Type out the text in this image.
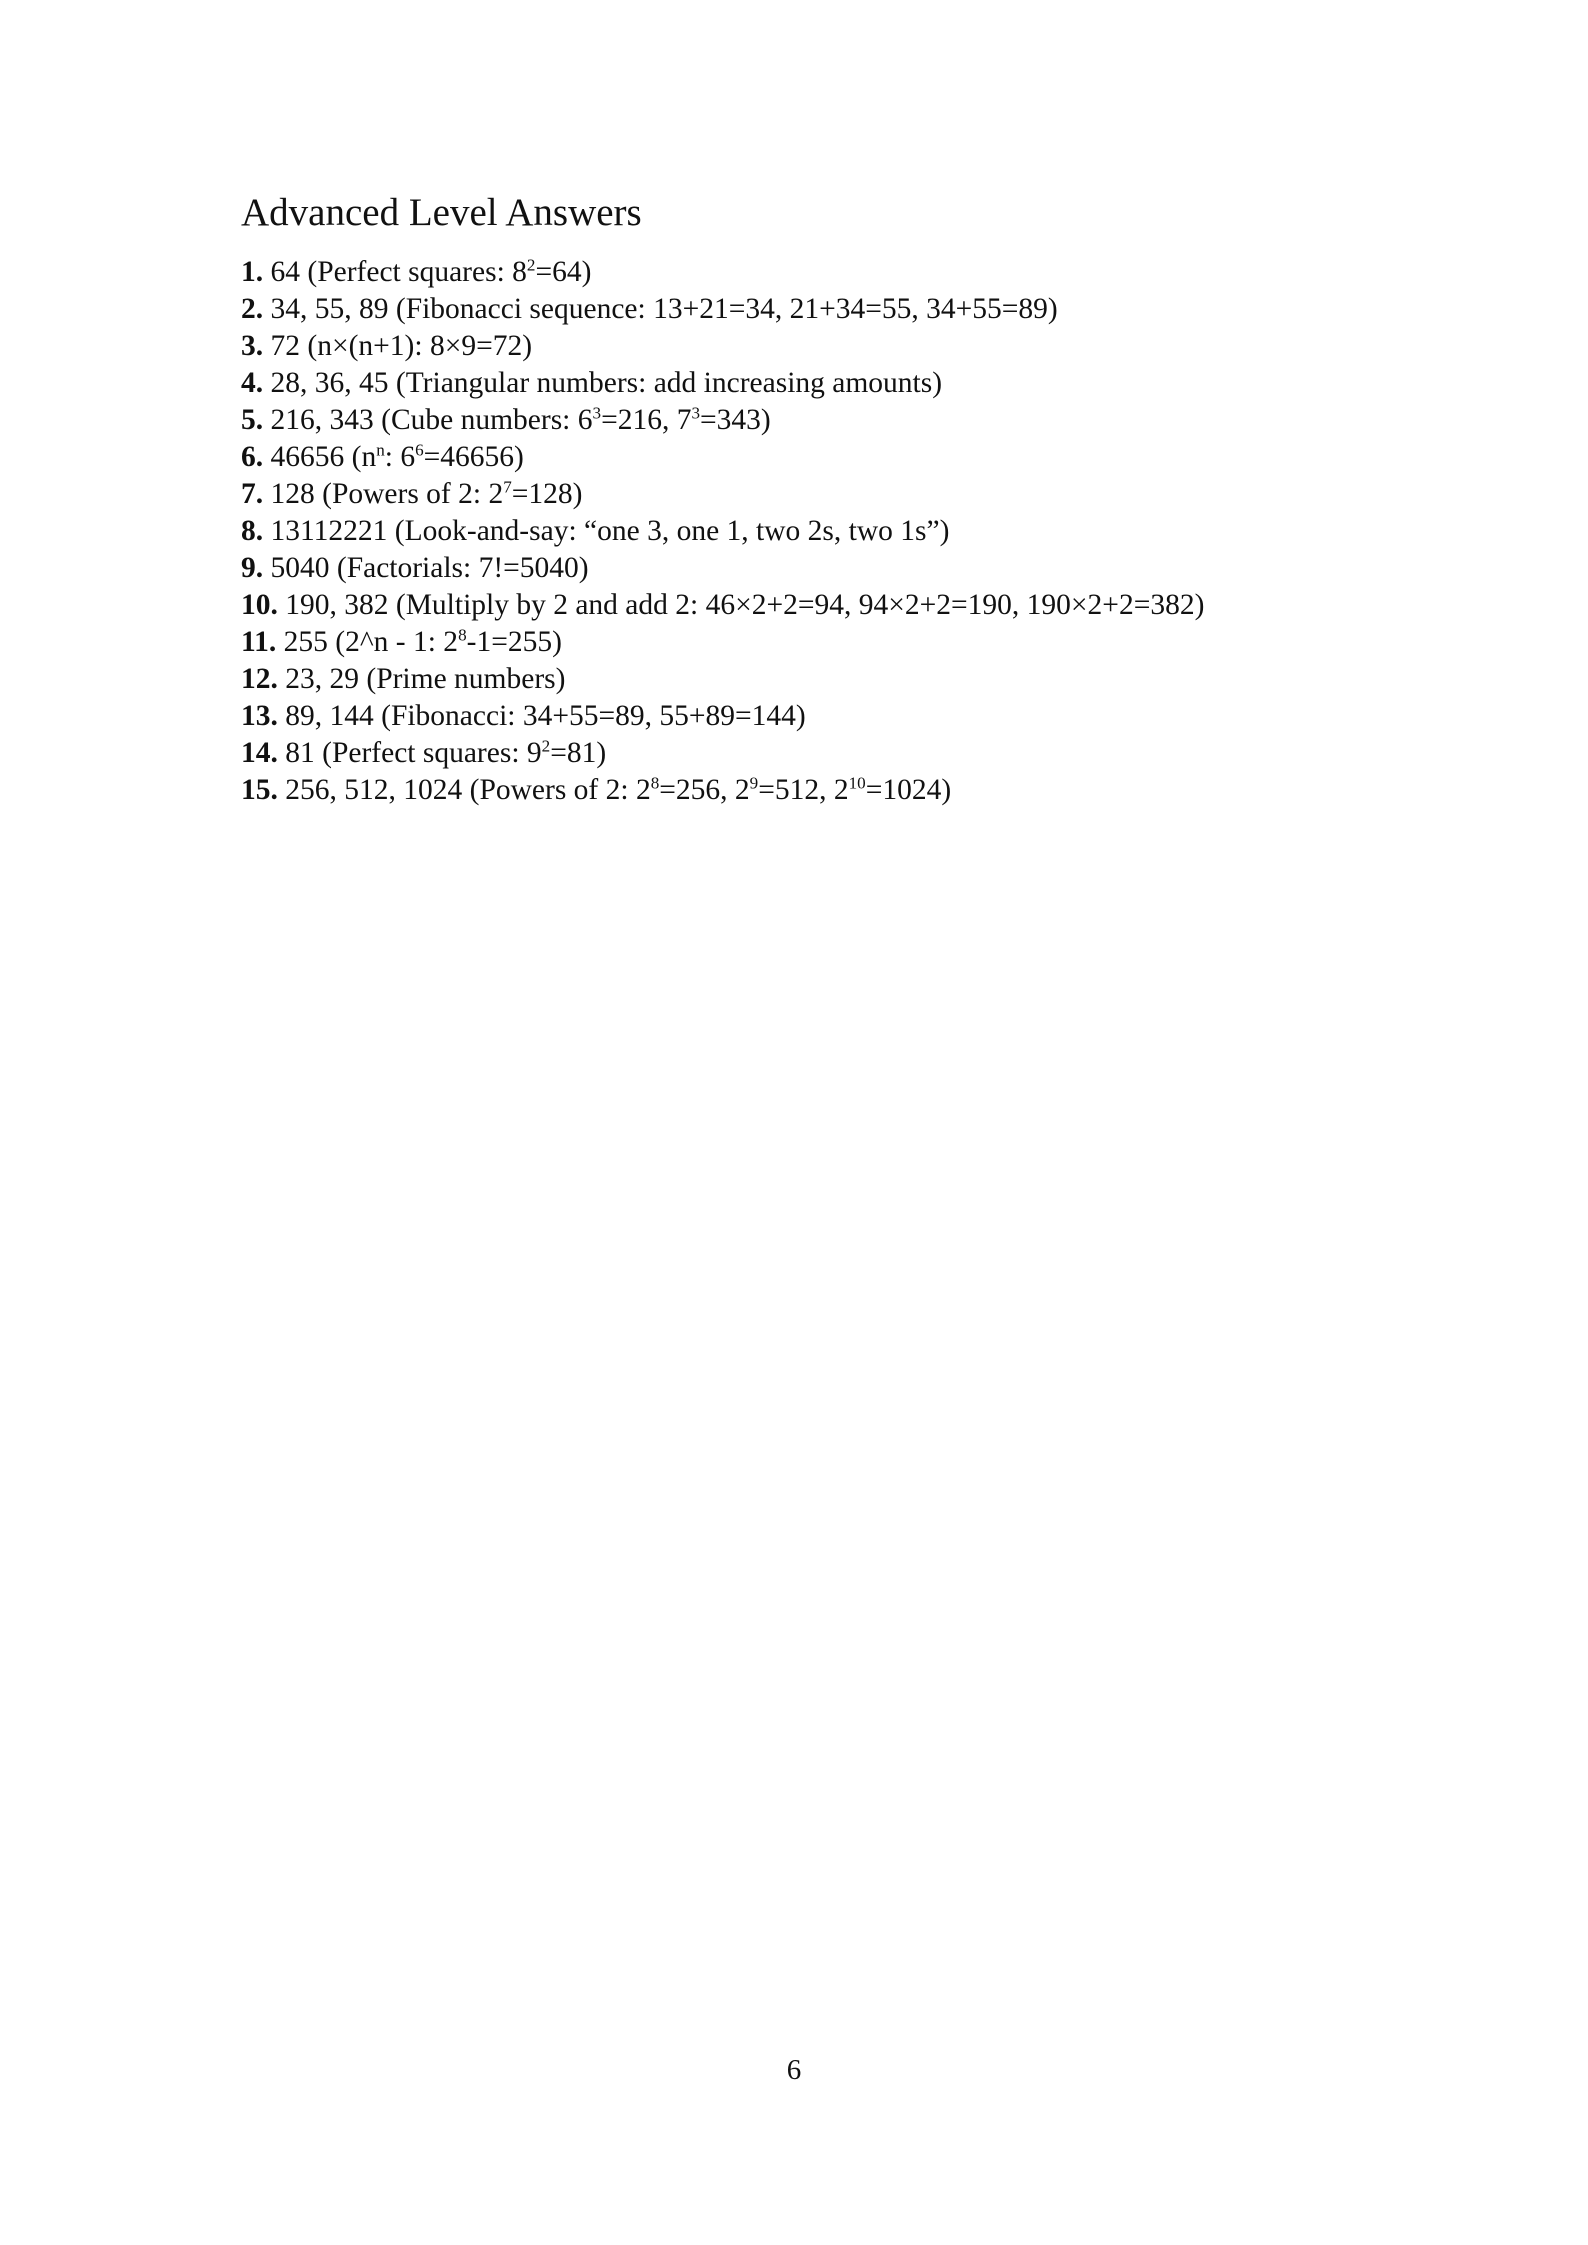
Advanced Level Answers
1. 64 (Perfect squares: $8^2=64$)
2. 34, 55, 89 (Fibonacci sequence: 13+21=34, 21+34=55, 34+55=89)
3. 72 (n×(n+1): 8×9=72)
4. 28, 36, 45 (Triangular numbers: add increasing amounts)
5. 216, 343 (Cube numbers: $6^3=216$, $7^3=343$)
6. 46656 ($n^n$: $6^6=46656$)
7. 128 (Powers of 2: $2^7=128$)
8. 13112221 (Look-and-say: “one 3, one 1, two 2s, two 1s”)
9. 5040 (Factorials: 7!=5040)
10. 190, 382 (Multiply by 2 and add 2: 46×2+2=94, 94×2+2=190, 190×2+2=382)
11. 255 (2^n - 1: $2^8-1=255$)
12. 23, 29 (Prime numbers)
13. 89, 144 (Fibonacci: 34+55=89, 55+89=144)
14. 81 (Perfect squares: $9^2=81$)
15. 256, 512, 1024 (Powers of 2: $2^8=256$, $2^9=512$, $2^{10}=1024$)
6
